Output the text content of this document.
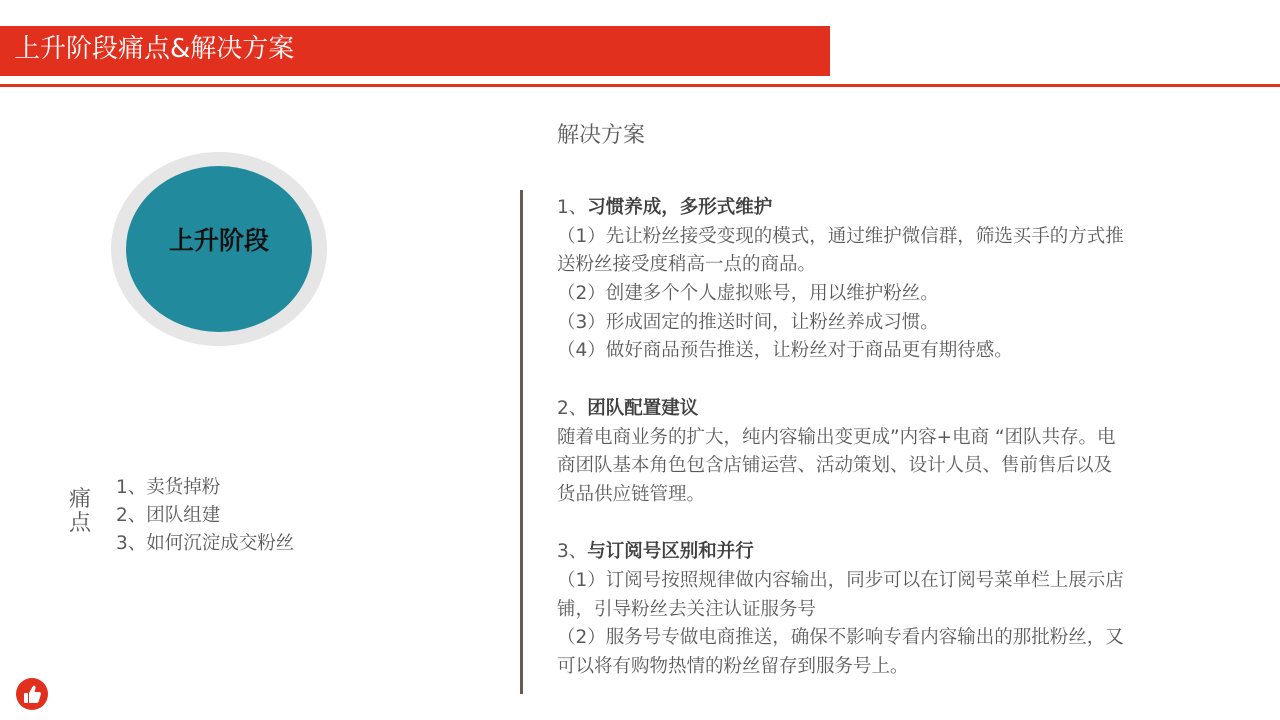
上升阶段痛点&解决方案
上升阶段
痛
点
1、卖货掉粉
2、团队组建
3、如何沉淀成交粉丝
解决方案
1、习惯养成，多形式维护
（1）先让粉丝接受变现的模式，通过维护微信群，筛选买手的方式推
送粉丝接受度稍高一点的商品。
（2）创建多个个人虚拟账号，用以维护粉丝。
（3）形成固定的推送时间，让粉丝养成习惯。
（4）做好商品预告推送，让粉丝对于商品更有期待感。
2、团队配置建议
随着电商业务的扩大，纯内容输出变更成”内容+电商 “团队共存。电
商团队基本角色包含店铺运营、活动策划、设计人员、售前售后以及
货品供应链管理。
3、与订阅号区别和并行
（1）订阅号按照规律做内容输出，同步可以在订阅号菜单栏上展示店
铺，引导粉丝去关注认证服务号
（2）服务号专做电商推送，确保不影响专看内容输出的那批粉丝，又
可以将有购物热情的粉丝留存到服务号上。
